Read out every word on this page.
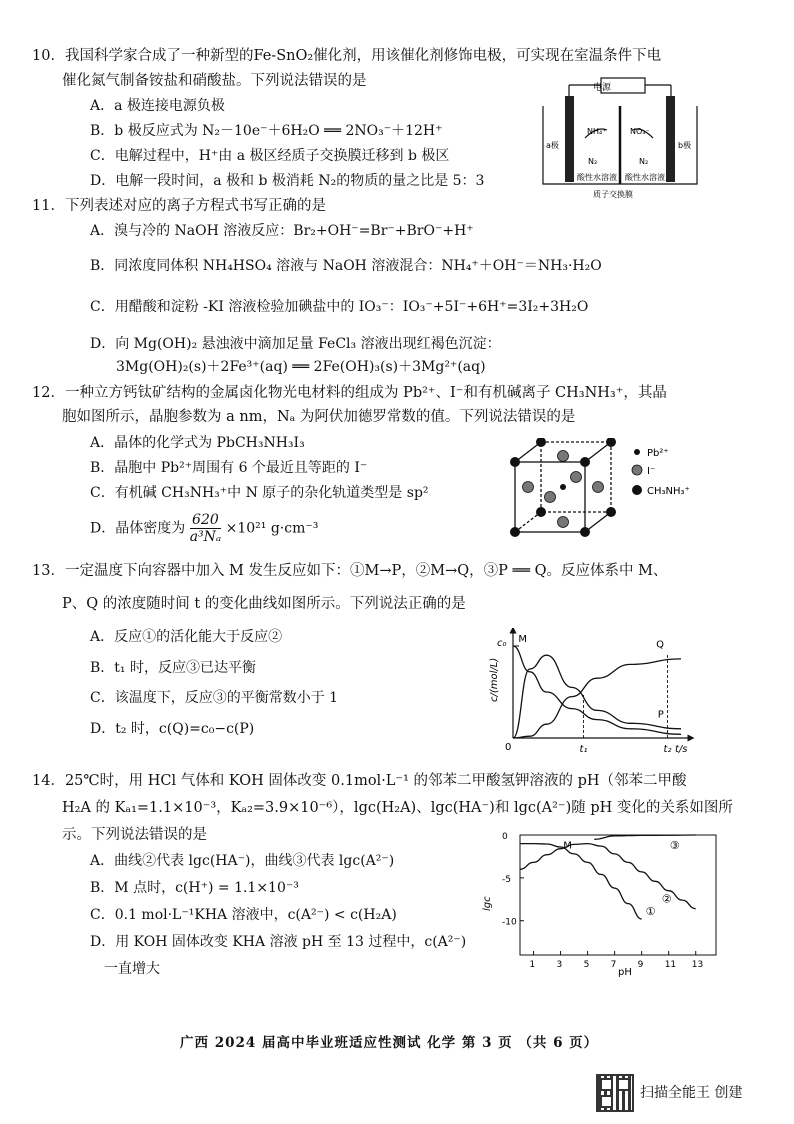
10．我国科学家合成了一种新型的Fe-SnO₂催化剂，用该催化剂修饰电极，可实现在室温条件下电
催化氮气制备铵盐和硝酸盐。下列说法错误的是
A．a 极连接电源负极
B．b 极反应式为 N₂－10e⁻＋6H₂O ══ 2NO₃⁻＋12H⁺
C．电解过程中，H⁺由 a 极区经质子交换膜迁移到 b 极区
D．电解一段时间，a 极和 b 极消耗 N₂的物质的量之比是 5：3
电源
a极	b极
NH₄⁺	NO₃⁻
N₂	N₂
酸性水溶液 酸性水溶液
质子交换膜
11．下列表述对应的离子方程式书写正确的是
A．溴与冷的 NaOH 溶液反应：Br₂+OH⁻=Br⁻+BrO⁻+H⁺
B．同浓度同体积 NH₄HSO₄ 溶液与 NaOH 溶液混合：NH₄⁺＋OH⁻＝NH₃·H₂O
C．用醋酸和淀粉 -KI 溶液检验加碘盐中的 IO₃⁻：IO₃⁻+5I⁻+6H⁺=3I₂+3H₂O
D．向 Mg(OH)₂ 悬浊液中滴加足量 FeCl₃ 溶液出现红褐色沉淀：
3Mg(OH)₂(s)＋2Fe³⁺(aq) ══ 2Fe(OH)₃(s)＋3Mg²⁺(aq)
12．一种立方钙钛矿结构的金属卤化物光电材料的组成为 Pb²⁺、I⁻和有机碱离子 CH₃NH₃⁺，其晶
胞如图所示，晶胞参数为 a nm，Nₐ 为阿伏加德罗常数的值。下列说法错误的是
A．晶体的化学式为 PbCH₃NH₃I₃
B．晶胞中 Pb²⁺周围有 6 个最近且等距的 I⁻
C．有机碱 CH₃NH₃⁺中 N 原子的杂化轨道类型是 sp²
D．晶体密度为 $\frac{620}{\text{a³Nₐ}} \times 10^{21}$ g·cm⁻³
Pb²⁺
I⁻
CH₃NH₃⁺
13．一定温度下向容器中加入 M 发生反应如下：①M→P，②M→Q，③P ══ Q。反应体系中 M、
P、Q 的浓度随时间 t 的变化曲线如图所示。下列说法正确的是
A．反应①的活化能大于反应②
B．t₁ 时，反应③已达平衡
C．该温度下，反应③的平衡常数小于 1
D．t₂ 时，c(Q)=c₀−c(P)
M
P
Q
t₁	t₂
c₀
c/(mol/L)
0	t/s
14．25℃时，用 HCl 气体和 KOH 固体改变 0.1mol·L⁻¹ 的邻苯二甲酸氢钾溶液的 pH（邻苯二甲酸
H₂A 的 Kₐ₁=1.1×10⁻³，Kₐ₂=3.9×10⁻⁶），lgc(H₂A)、lgc(HA⁻)和 lgc(A²⁻)随 pH 变化的关系如图所
示。下列说法错误的是
A．曲线②代表 lgc(HA⁻)，曲线③代表 lgc(A²⁻)
B．M 点时，c(H⁺) = 1.1×10⁻³
C．0.1 mol·L⁻¹KHA 溶液中，c(A²⁻) < c(H₂A)
D．用 KOH 固体改变 KHA 溶液 pH 至 13 过程中，c(A²⁻)
一直增大
①
②
③
1 3 5 7 9 11 13
0
-5
-10
M
lgc
pH
广西 2024 届高中毕业班适应性测试 化学 第 3 页 （共 6 页）
扫描全能王 创建
